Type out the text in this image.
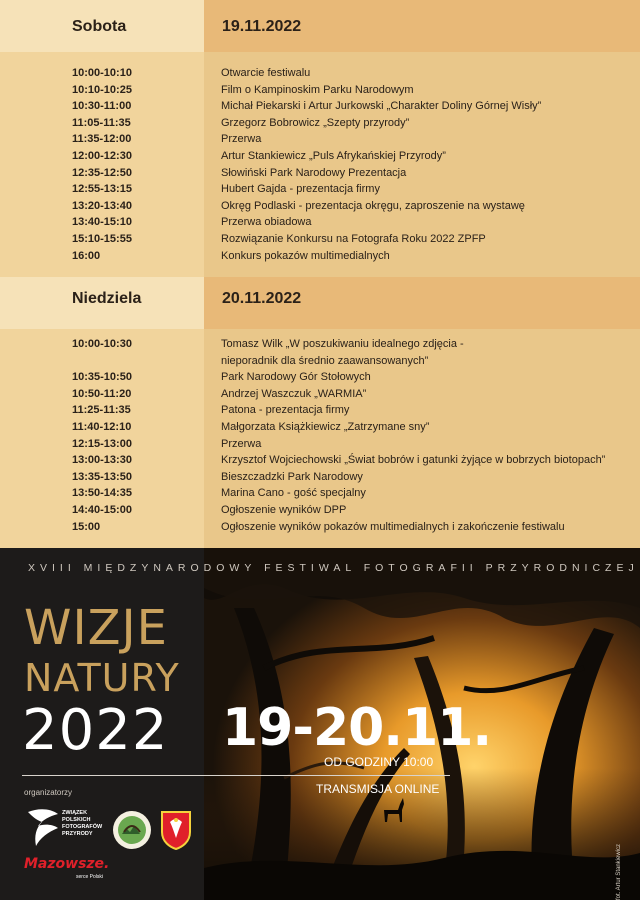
Sobota	19.11.2022
10:00-10:10	Otwarcie festiwalu
10:10-10:25	Film o Kampinoskim Parku Narodowym
10:30-11:00	Michał Piekarski i Artur Jurkowski „Charakter Doliny Górnej Wisły”
11:05-11:35	Grzegorz Bobrowicz „Szepty przyrody”
11:35-12:00	Przerwa
12:00-12:30	Artur Stankiewicz „Puls Afrykańskiej Przyrody”
12:35-12:50	Słowiński Park Narodowy Prezentacja
12:55-13:15	Hubert Gajda - prezentacja firmy
13:20-13:40	Okręg Podlaski - prezentacja okręgu, zaproszenie na wystawę
13:40-15:10	Przerwa obiadowa
15:10-15:55	Rozwiązanie Konkursu na Fotografa Roku 2022 ZPFP
16:00	Konkurs pokazów multimedialnych
Niedziela	20.11.2022
10:00-10:30	Tomasz Wilk „W poszukiwaniu idealnego zdjęcia -
nieporadnik dla średnio zaawansowanych”
10:35-10:50	Park Narodowy Gór Stołowych
10:50-11:20	Andrzej Waszczuk „WARMIA”
11:25-11:35	Patona - prezentacja firmy
11:40-12:10	Małgorzata Książkiewicz „Zatrzymane sny”
12:15-13:00	Przerwa
13:00-13:30	Krzysztof Wojciechowski „Świat bobrów i gatunki żyjące w bobrzych biotopach”
13:35-13:50	Bieszczadzki Park Narodowy
13:50-14:35	Marina Cano - gość specjalny
14:40-15:00	Ogłoszenie wyników DPP
15:00	Ogłoszenie wyników pokazów multimedialnych i zakończenie festiwalu
XVIII MIĘDZYNARODOWY FESTIWAL FOTOGRAFII PRZYRODNICZEJ
WIZJE
NATURY
2022 19-20.11.
OD GODZINY 10:00
TRANSMISJA ONLINE
organizatorzy
ZWIĄZEK POLSKICH FOTOGRAFÓW PRZYRODY
Mazowsze.
serce Polski	fot. Artur Stankiewicz
